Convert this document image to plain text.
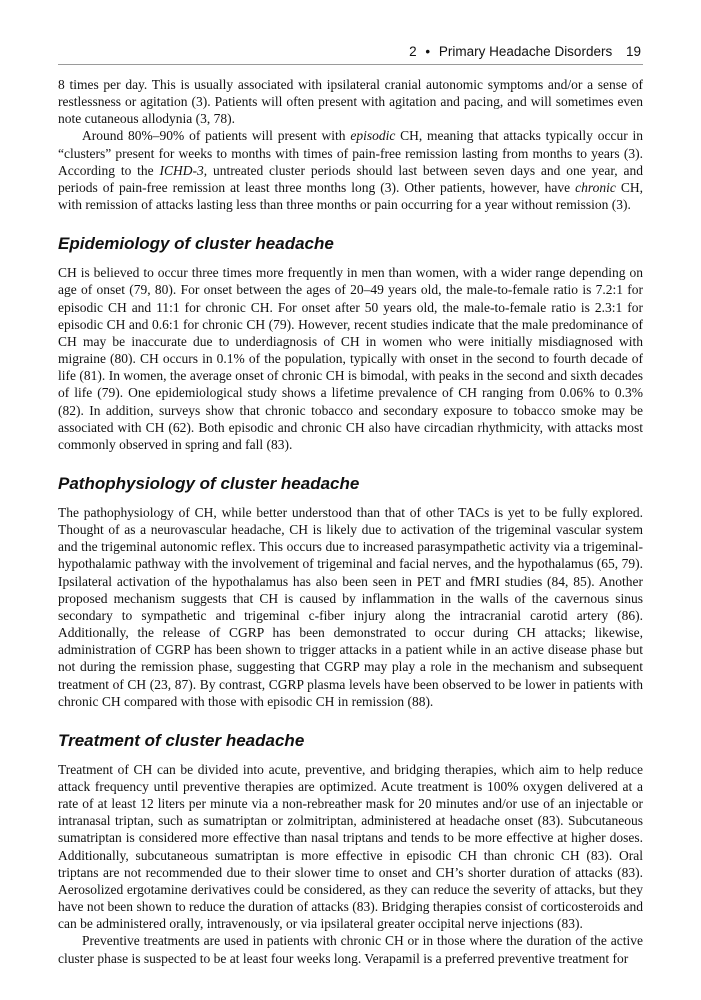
2 • Primary Headache Disorders 19

8 times per day. This is usually associated with ipsilateral cranial autonomic symptoms and/or a sense of restlessness or agitation (3). Patients will often present with agitation and pacing, and will sometimes even note cutaneous allodynia (3, 78).

Around 80%–90% of patients will present with episodic CH, meaning that attacks typically occur in “clusters” present for weeks to months with times of pain-free remission lasting from months to years (3). According to the ICHD-3, untreated cluster periods should last between seven days and one year, and periods of pain-free remission at least three months long (3). Other patients, however, have chronic CH, with remission of attacks lasting less than three months or pain occurring for a year without remission (3).

Epidemiology of cluster headache

CH is believed to occur three times more frequently in men than women, with a wider range depending on age of onset (79, 80). For onset between the ages of 20–49 years old, the male-to-female ratio is 7.2:1 for episodic CH and 11:1 for chronic CH. For onset after 50 years old, the male-to-female ratio is 2.3:1 for episodic CH and 0.6:1 for chronic CH (79). However, recent studies indicate that the male predominance of CH may be inaccurate due to underdiagnosis of CH in women who were initially misdiagnosed with migraine (80). CH occurs in 0.1% of the population, typically with onset in the second to fourth decade of life (81). In women, the average onset of chronic CH is bimodal, with peaks in the second and sixth decades of life (79). One epidemiological study shows a lifetime prevalence of CH ranging from 0.06% to 0.3% (82). In addition, surveys show that chronic tobacco and secondary exposure to tobacco smoke may be associated with CH (62). Both episodic and chronic CH also have circadian rhythmicity, with attacks most commonly observed in spring and fall (83).

Pathophysiology of cluster headache

The pathophysiology of CH, while better understood than that of other TACs is yet to be fully explored. Thought of as a neurovascular headache, CH is likely due to activation of the trigeminal vascular system and the trigeminal autonomic reflex. This occurs due to increased parasympathetic activity via a trigeminal-hypothalamic pathway with the involvement of trigeminal and facial nerves, and the hypothalamus (65, 79). Ipsilateral activation of the hypothalamus has also been seen in PET and fMRI studies (84, 85). Another proposed mechanism suggests that CH is caused by inflammation in the walls of the cavernous sinus secondary to sympathetic and trigeminal c-fiber injury along the intracranial carotid artery (86). Additionally, the release of CGRP has been demonstrated to occur during CH attacks; likewise, administration of CGRP has been shown to trigger attacks in a patient while in an active disease phase but not during the remission phase, suggesting that CGRP may play a role in the mechanism and subsequent treatment of CH (23, 87). By contrast, CGRP plasma levels have been observed to be lower in patients with chronic CH compared with those with episodic CH in remission (88).

Treatment of cluster headache

Treatment of CH can be divided into acute, preventive, and bridging therapies, which aim to help reduce attack frequency until preventive therapies are optimized. Acute treatment is 100% oxygen delivered at a rate of at least 12 liters per minute via a non-rebreather mask for 20 minutes and/or use of an injectable or intranasal triptan, such as sumatriptan or zolmitriptan, administered at headache onset (83). Subcutaneous sumatriptan is considered more effective than nasal triptans and tends to be more effective at higher doses. Additionally, subcutaneous sumatriptan is more effective in episodic CH than chronic CH (83). Oral triptans are not recommended due to their slower time to onset and CH’s shorter duration of attacks (83). Aerosolized ergotamine derivatives could be considered, as they can reduce the severity of attacks, but they have not been shown to reduce the duration of attacks (83). Bridging therapies consist of corticosteroids and can be administered orally, intravenously, or via ipsilateral greater occipital nerve injections (83).

Preventive treatments are used in patients with chronic CH or in those where the duration of the active cluster phase is suspected to be at least four weeks long. Verapamil is a preferred preventive treatment for
